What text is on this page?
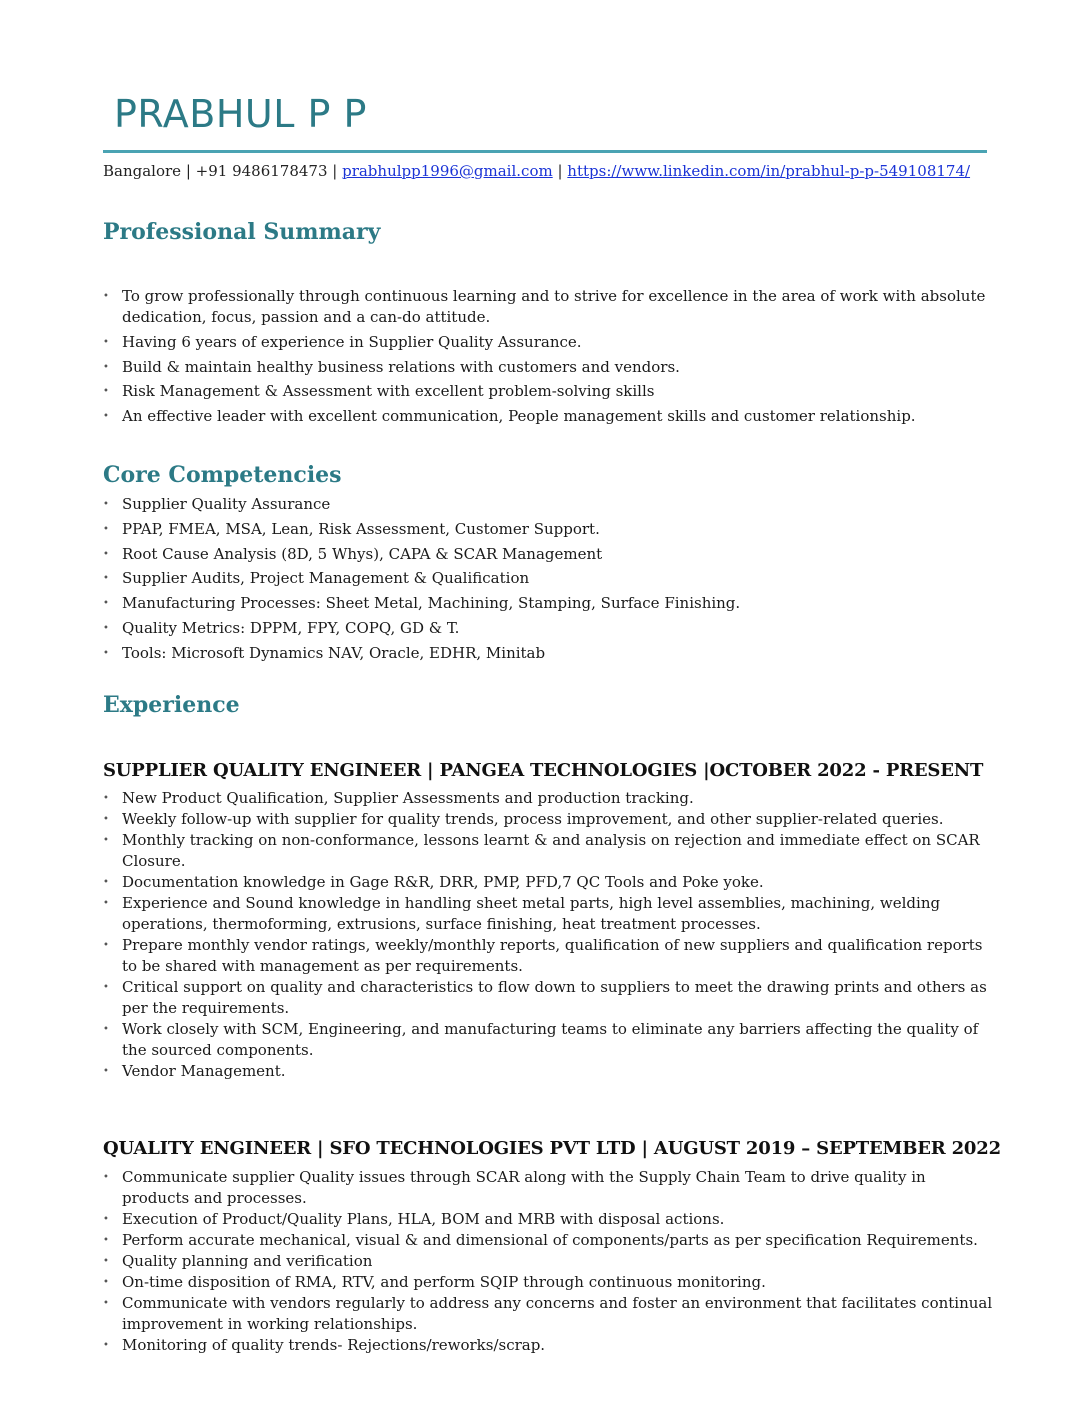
PRABHUL P P
Bangalore | +91 9486178473 | prabhulpp1996@gmail.com | https://www.linkedin.com/in/prabhul-p-p-549108174/
Professional Summary
• To grow professionally through continuous learning and to strive for excellence in the area of work with absolute dedication, focus, passion and a can-do attitude.
• Having 6 years of experience in Supplier Quality Assurance.
• Build & maintain healthy business relations with customers and vendors.
• Risk Management & Assessment with excellent problem-solving skills
• An effective leader with excellent communication, People management skills and customer relationship.
Core Competencies
• Supplier Quality Assurance
• PPAP, FMEA, MSA, Lean, Risk Assessment, Customer Support.
• Root Cause Analysis (8D, 5 Whys), CAPA & SCAR Management
• Supplier Audits, Project Management & Qualification
• Manufacturing Processes: Sheet Metal, Machining, Stamping, Surface Finishing.
• Quality Metrics: DPPM, FPY, COPQ, GD & T.
• Tools: Microsoft Dynamics NAV, Oracle, EDHR, Minitab
Experience
SUPPLIER QUALITY ENGINEER | PANGEA TECHNOLOGIES |OCTOBER 2022 - PRESENT
• New Product Qualification, Supplier Assessments and production tracking.
• Weekly follow-up with supplier for quality trends, process improvement, and other supplier-related queries.
• Monthly tracking on non-conformance, lessons learnt & and analysis on rejection and immediate effect on SCAR Closure.
• Documentation knowledge in Gage R&R, DRR, PMP, PFD,7 QC Tools and Poke yoke.
• Experience and Sound knowledge in handling sheet metal parts, high level assemblies, machining, welding operations, thermoforming, extrusions, surface finishing, heat treatment processes.
• Prepare monthly vendor ratings, weekly/monthly reports, qualification of new suppliers and qualification reports to be shared with management as per requirements.
• Critical support on quality and characteristics to flow down to suppliers to meet the drawing prints and others as per the requirements.
• Work closely with SCM, Engineering, and manufacturing teams to eliminate any barriers affecting the quality of the sourced components.
• Vendor Management.
QUALITY ENGINEER | SFO TECHNOLOGIES PVT LTD | AUGUST 2019 – SEPTEMBER 2022
• Communicate supplier Quality issues through SCAR along with the Supply Chain Team to drive quality in products and processes.
• Execution of Product/Quality Plans, HLA, BOM and MRB with disposal actions.
• Perform accurate mechanical, visual & and dimensional of components/parts as per specification Requirements.
• Quality planning and verification
• On-time disposition of RMA, RTV, and perform SQIP through continuous monitoring.
• Communicate with vendors regularly to address any concerns and foster an environment that facilitates continual improvement in working relationships.
• Monitoring of quality trends- Rejections/reworks/scrap.
